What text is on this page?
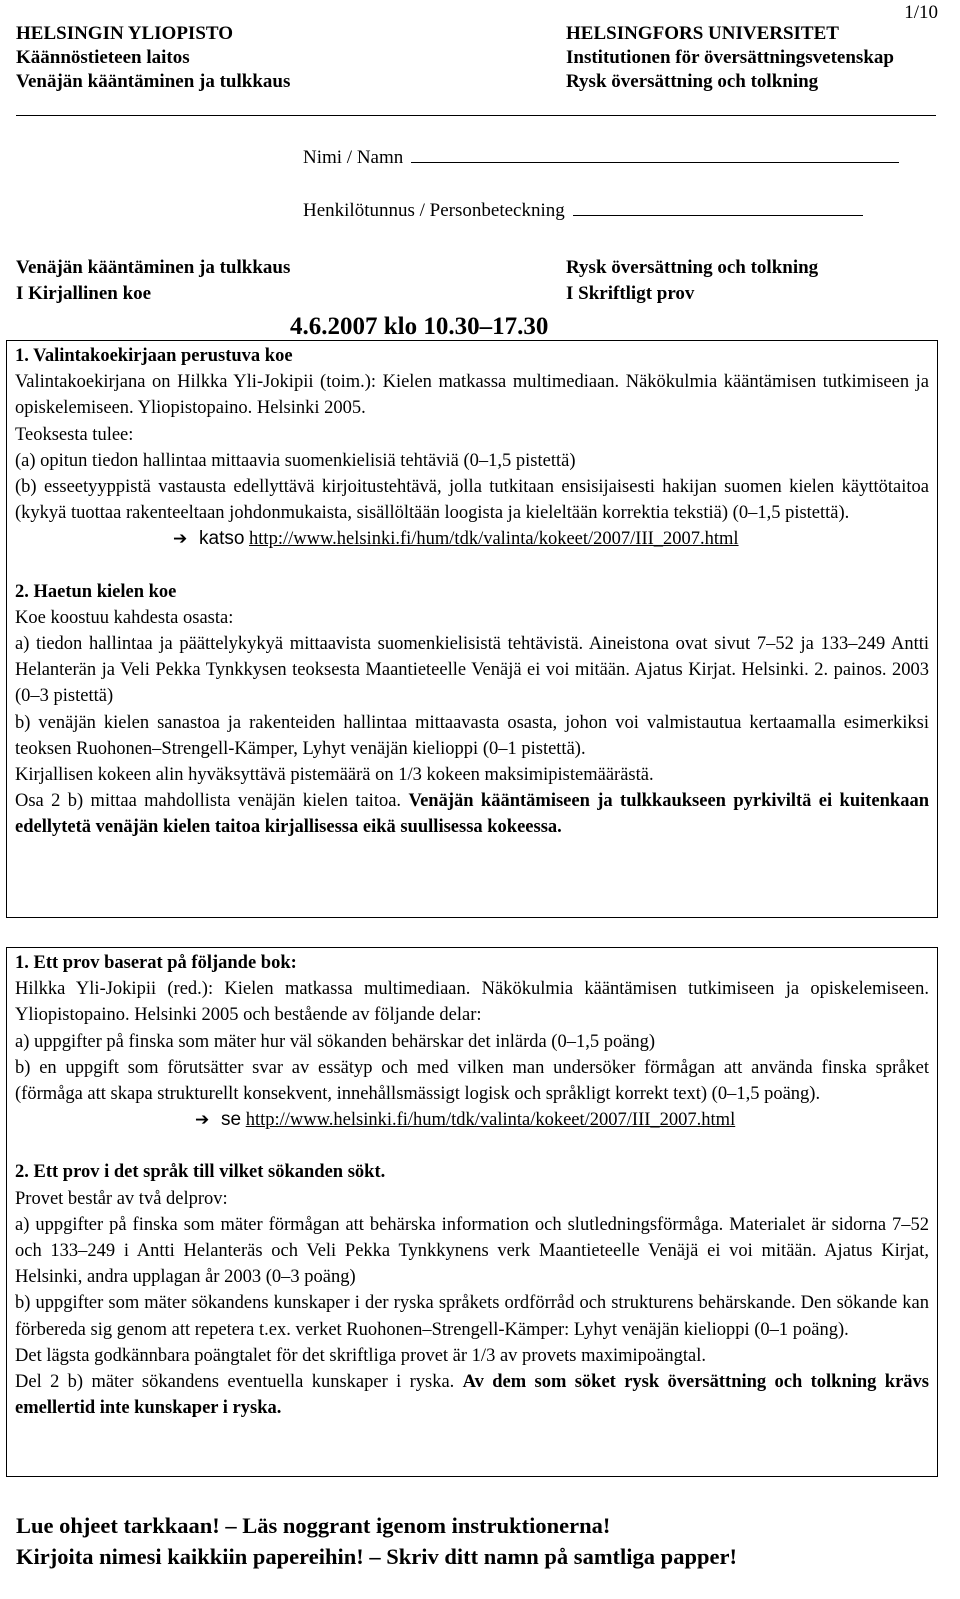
1/10
HELSINGIN YLIOPISTO
Käännöstieteen laitos
Venäjän kääntäminen ja tulkkaus
HELSINGFORS UNIVERSITET
Institutionen för översättningsvetenskap
Rysk översättning och tolkning
Nimi / Namn
Henkilötunnus / Personbeteckning
Venäjän kääntäminen ja tulkkaus
I Kirjallinen koe
Rysk översättning och tolkning
I Skriftligt prov
4.6.2007 klo 10.30–17.30

1. Valintakoekirjaan perustuva koe

Valintakoekirjana on Hilkka Yli-Jokipii (toim.): Kielen matkassa multimediaan. Näkökulmia kääntämisen tutkimiseen ja opiskelemiseen. Yliopistopaino. Helsinki 2005.

Teoksesta tulee:

(a) opitun tiedon hallintaa mittaavia suomenkielisiä tehtäviä (0–1,5 pistettä)

(b) esseetyyppistä vastausta edellyttävä kirjoitustehtävä, jolla tutkitaan ensisijaisesti hakijan suomen kielen käyttötaitoa (kykyä tuottaa rakenteeltaan johdonmukaista, sisällöltään loogista ja kieleltään korrektia tekstiä) (0–1,5 pistettä).

➔ katso http://www.helsinki.fi/hum/tdk/valinta/kokeet/2007/III_2007.html

2. Haetun kielen koe

Koe koostuu kahdesta osasta:

a) tiedon hallintaa ja päättelykykyä mittaavista suomenkielisistä tehtävistä. Aineistona ovat sivut 7–52 ja 133–249 Antti Helanterän ja Veli Pekka Tynkkysen teoksesta Maantieteelle Venäjä ei voi mitään. Ajatus Kirjat. Helsinki. 2. painos. 2003 (0–3 pistettä)

b) venäjän kielen sanastoa ja rakenteiden hallintaa mittaavasta osasta, johon voi valmistautua kertaamalla esimerkiksi teoksen Ruohonen–Strengell-Kämper, Lyhyt venäjän kielioppi (0–1 pistettä).

Kirjallisen kokeen alin hyväksyttävä pistemäärä on 1/3 kokeen maksimipistemäärästä.

Osa 2 b) mittaa mahdollista venäjän kielen taitoa. Venäjän kääntämiseen ja tulkkaukseen pyrkiviltä ei kuitenkaan edellytetä venäjän kielen taitoa kirjallisessa eikä suullisessa kokeessa.

1. Ett prov baserat på följande bok:

Hilkka Yli-Jokipii (red.): Kielen matkassa multimediaan. Näkökulmia kääntämisen tutkimiseen ja opiskelemiseen. Yliopistopaino. Helsinki 2005 och bestående av följande delar:

a) uppgifter på finska som mäter hur väl sökanden behärskar det inlärda (0–1,5 poäng)

b) en uppgift som förutsätter svar av essätyp och med vilken man undersöker förmågan att använda finska språket (förmåga att skapa strukturellt konsekvent, innehållsmässigt logisk och språkligt korrekt text) (0–1,5 poäng).

➔ se http://www.helsinki.fi/hum/tdk/valinta/kokeet/2007/III_2007.html

2. Ett prov i det språk till vilket sökanden sökt.

Provet består av två delprov:

a) uppgifter på finska som mäter förmågan att behärska information och slutledningsförmåga. Materialet är sidorna 7–52 och 133–249 i Antti Helanteräs och Veli Pekka Tynkkynens verk Maantieteelle Venäjä ei voi mitään. Ajatus Kirjat, Helsinki, andra upplagan år 2003 (0–3 poäng)

b) uppgifter som mäter sökandens kunskaper i der ryska språkets ordförråd och strukturens behärskande. Den sökande kan förbereda sig genom att repetera t.ex. verket Ruohonen–Strengell-Kämper: Lyhyt venäjän kielioppi (0–1 poäng).

Det lägsta godkännbara poängtalet för det skriftliga provet är 1/3 av provets maximipoängtal.

Del 2 b) mäter sökandens eventuella kunskaper i ryska. Av dem som söket rysk översättning och tolkning krävs emellertid inte kunskaper i ryska.

Lue ohjeet tarkkaan! – Läs noggrant igenom instruktionerna!
Kirjoita nimesi kaikkiin papereihin! – Skriv ditt namn på samtliga papper!
